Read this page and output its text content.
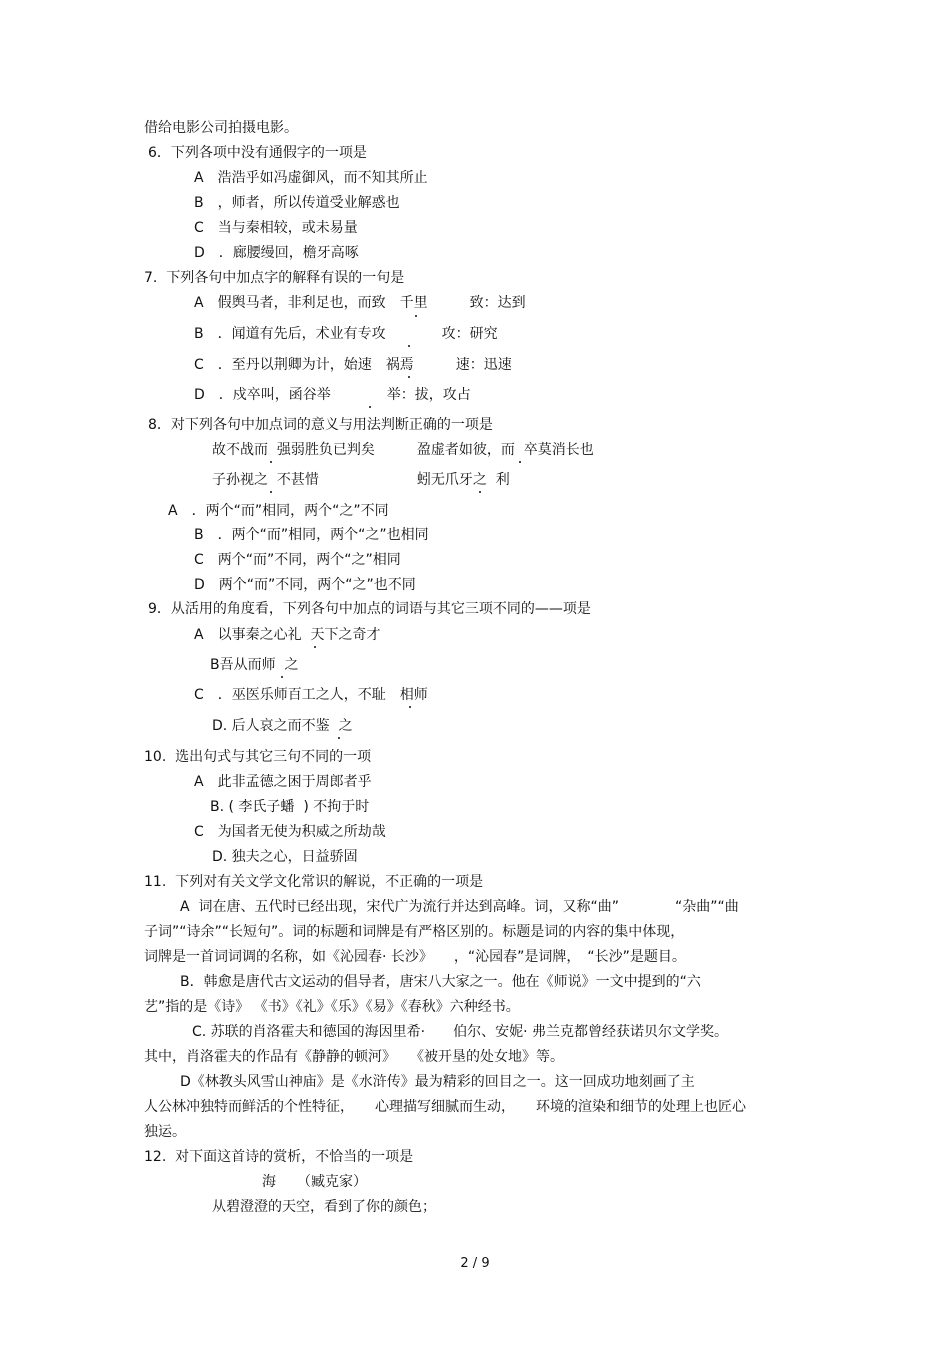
借给电影公司拍摄电影。
6．下列各项中没有通假字的一项是
A　浩浩乎如冯虚御风，而不知其所止
B　，师者，所以传道受业解惑也
C　当与秦相较，或未易量
D　．廊腰缦回，檐牙高啄
7.  下列各句中加点字的解释有误的一句是
A　假舆马者，非利足也，而致　千里　　　致：达到
B　．闻道有先后，术业有专攻　　　　攻：研究
C　．至丹以荆卿为计，始速　祸焉　　　速：迅速
D　．戍卒叫，函谷举　　　　举：拔，攻占
8．对下列各句中加点词的意义与用法判断正确的一项是
故不战而  强弱胜负已判矣　　　盈虚者如彼，而  卒莫消长也
子孙视之  不甚惜　　　　　　　蚓无爪牙之  利
A　．两个“而”相同，两个“之”不同
B　．两个“而”相同，两个“之”也相同
C　两个“而”不同，两个“之”相同
D　两个“而”不同，两个“之”也不同
9．从活用的角度看，下列各句中加点的词语与其它三项不同的——项是
A　以事秦之心礼  天下之奇才
B吾从而师  之
C　．巫医乐师百工之人，不耻　相师
D. 后人哀之而不鉴  之
10.  选出句式与其它三句不同的一项
A　此非孟德之困于周郎者乎
B. ( 李氏子蟠  ) 不拘于时
C　为国者无使为积威之所劫哉
D. 独夫之心，日益骄固
11.  下列对有关文学文化常识的解说，不正确的一项是
A  词在唐、五代时已经出现，宋代广为流行并达到高峰。词，又称“曲”　　　　“杂曲”“曲
子词”“诗余”“长短句”。词的标题和词牌是有严格区别的。标题是词的内容的集中体现，
词牌是一首词词调的名称，如《沁园春· 长沙》　　，“沁园春”是词牌，　“长沙”是题目。
B．韩愈是唐代古文运动的倡导者，唐宋八大家之一。他在《师说》一文中提到的“六
艺”指的是《诗》 《书》《礼》《乐》《易》《春秋》六种经书。
C. 苏联的肖洛霍夫和德国的海因里希·　　伯尔、安妮· 弗兰克都曾经获诺贝尔文学奖。
其中，肖洛霍夫的作品有《静静的顿河》　　《被开垦的处女地》等。
D《林教头风雪山神庙》是《水浒传》最为精彩的回目之一。这一回成功地刻画了主
人公林冲独特而鲜活的个性特征，　　心理描写细腻而生动，　　环境的渲染和细节的处理上也匠心
独运。
12.  对下面这首诗的赏析，不恰当的一项是
海　　（臧克家）
从碧澄澄的天空，看到了你的颜色；
2 / 9
